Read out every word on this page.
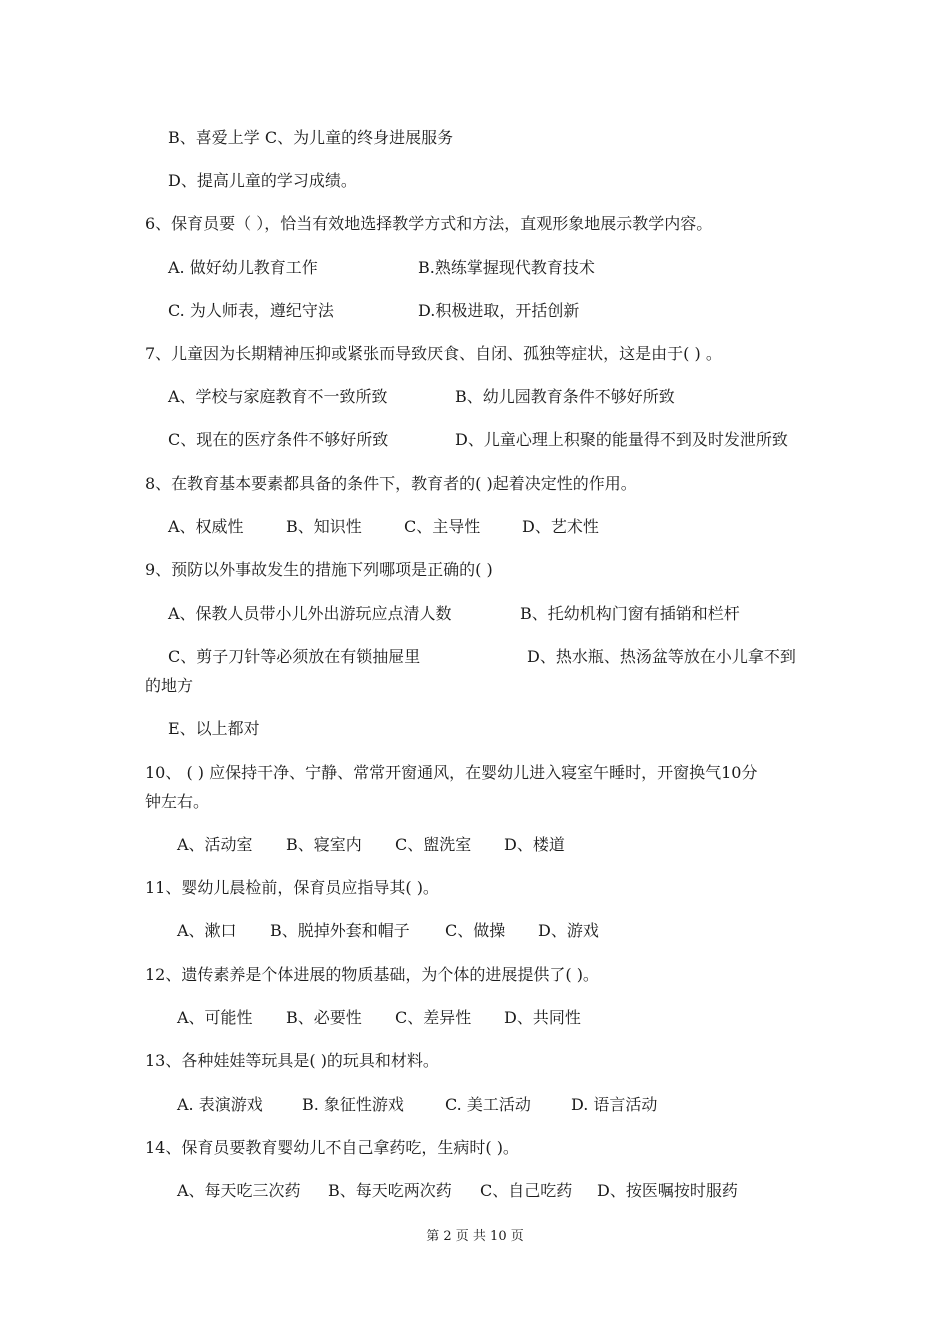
B、喜爱上学 C、为儿童的终身进展服务
D、提高儿童的学习成绩。
6、保育员要（ ），恰当有效地选择教学方式和方法，直观形象地展示教学内容。
A. 做好幼儿教育工作	B.熟练掌握现代教育技术
C. 为人师表，遵纪守法	D.积极进取，开括创新
7、儿童因为长期精神压抑或紧张而导致厌食、自闭、孤独等症状，这是由于( ) 。
A、学校与家庭教育不一致所致	B、幼儿园教育条件不够好所致
C、现在的医疗条件不够好所致	D、儿童心理上积聚的能量得不到及时发泄所致
8、在教育基本要素都具备的条件下，教育者的( )起着决定性的作用。
A、权威性	B、知识性	C、主导性	D、艺术性
9、预防以外事故发生的措施下列哪项是正确的( )
A、保教人员带小儿外出游玩应点清人数	B、托幼机构门窗有插销和栏杆
C、剪子刀针等必须放在有锁抽屉里	D、热水瓶、热汤盆等放在小儿拿不到
的地方
E、以上都对
10、 ( ) 应保持干净、宁静、常常开窗通风，在婴幼儿进入寝室午睡时，开窗换气10分
钟左右。
A、活动室 B、寝室内 C、盥洗室 D、楼道
11、婴幼儿晨检前，保育员应指导其( )。
A、漱口 B、脱掉外套和帽子 C、做操 D、游戏
12、遗传素养是个体进展的物质基础，为个体的进展提供了( )。
A、可能性 B、必要性 C、差异性 D、共同性
13、各种娃娃等玩具是( )的玩具和材料。
A. 表演游戏 B. 象征性游戏	C. 美工活动	D. 语言活动
14、保育员要教育婴幼儿不自己拿药吃，生病时( )。
A、每天吃三次药 B、每天吃两次药 C、自己吃药 D、按医嘱按时服药
第 2 页 共 10 页
